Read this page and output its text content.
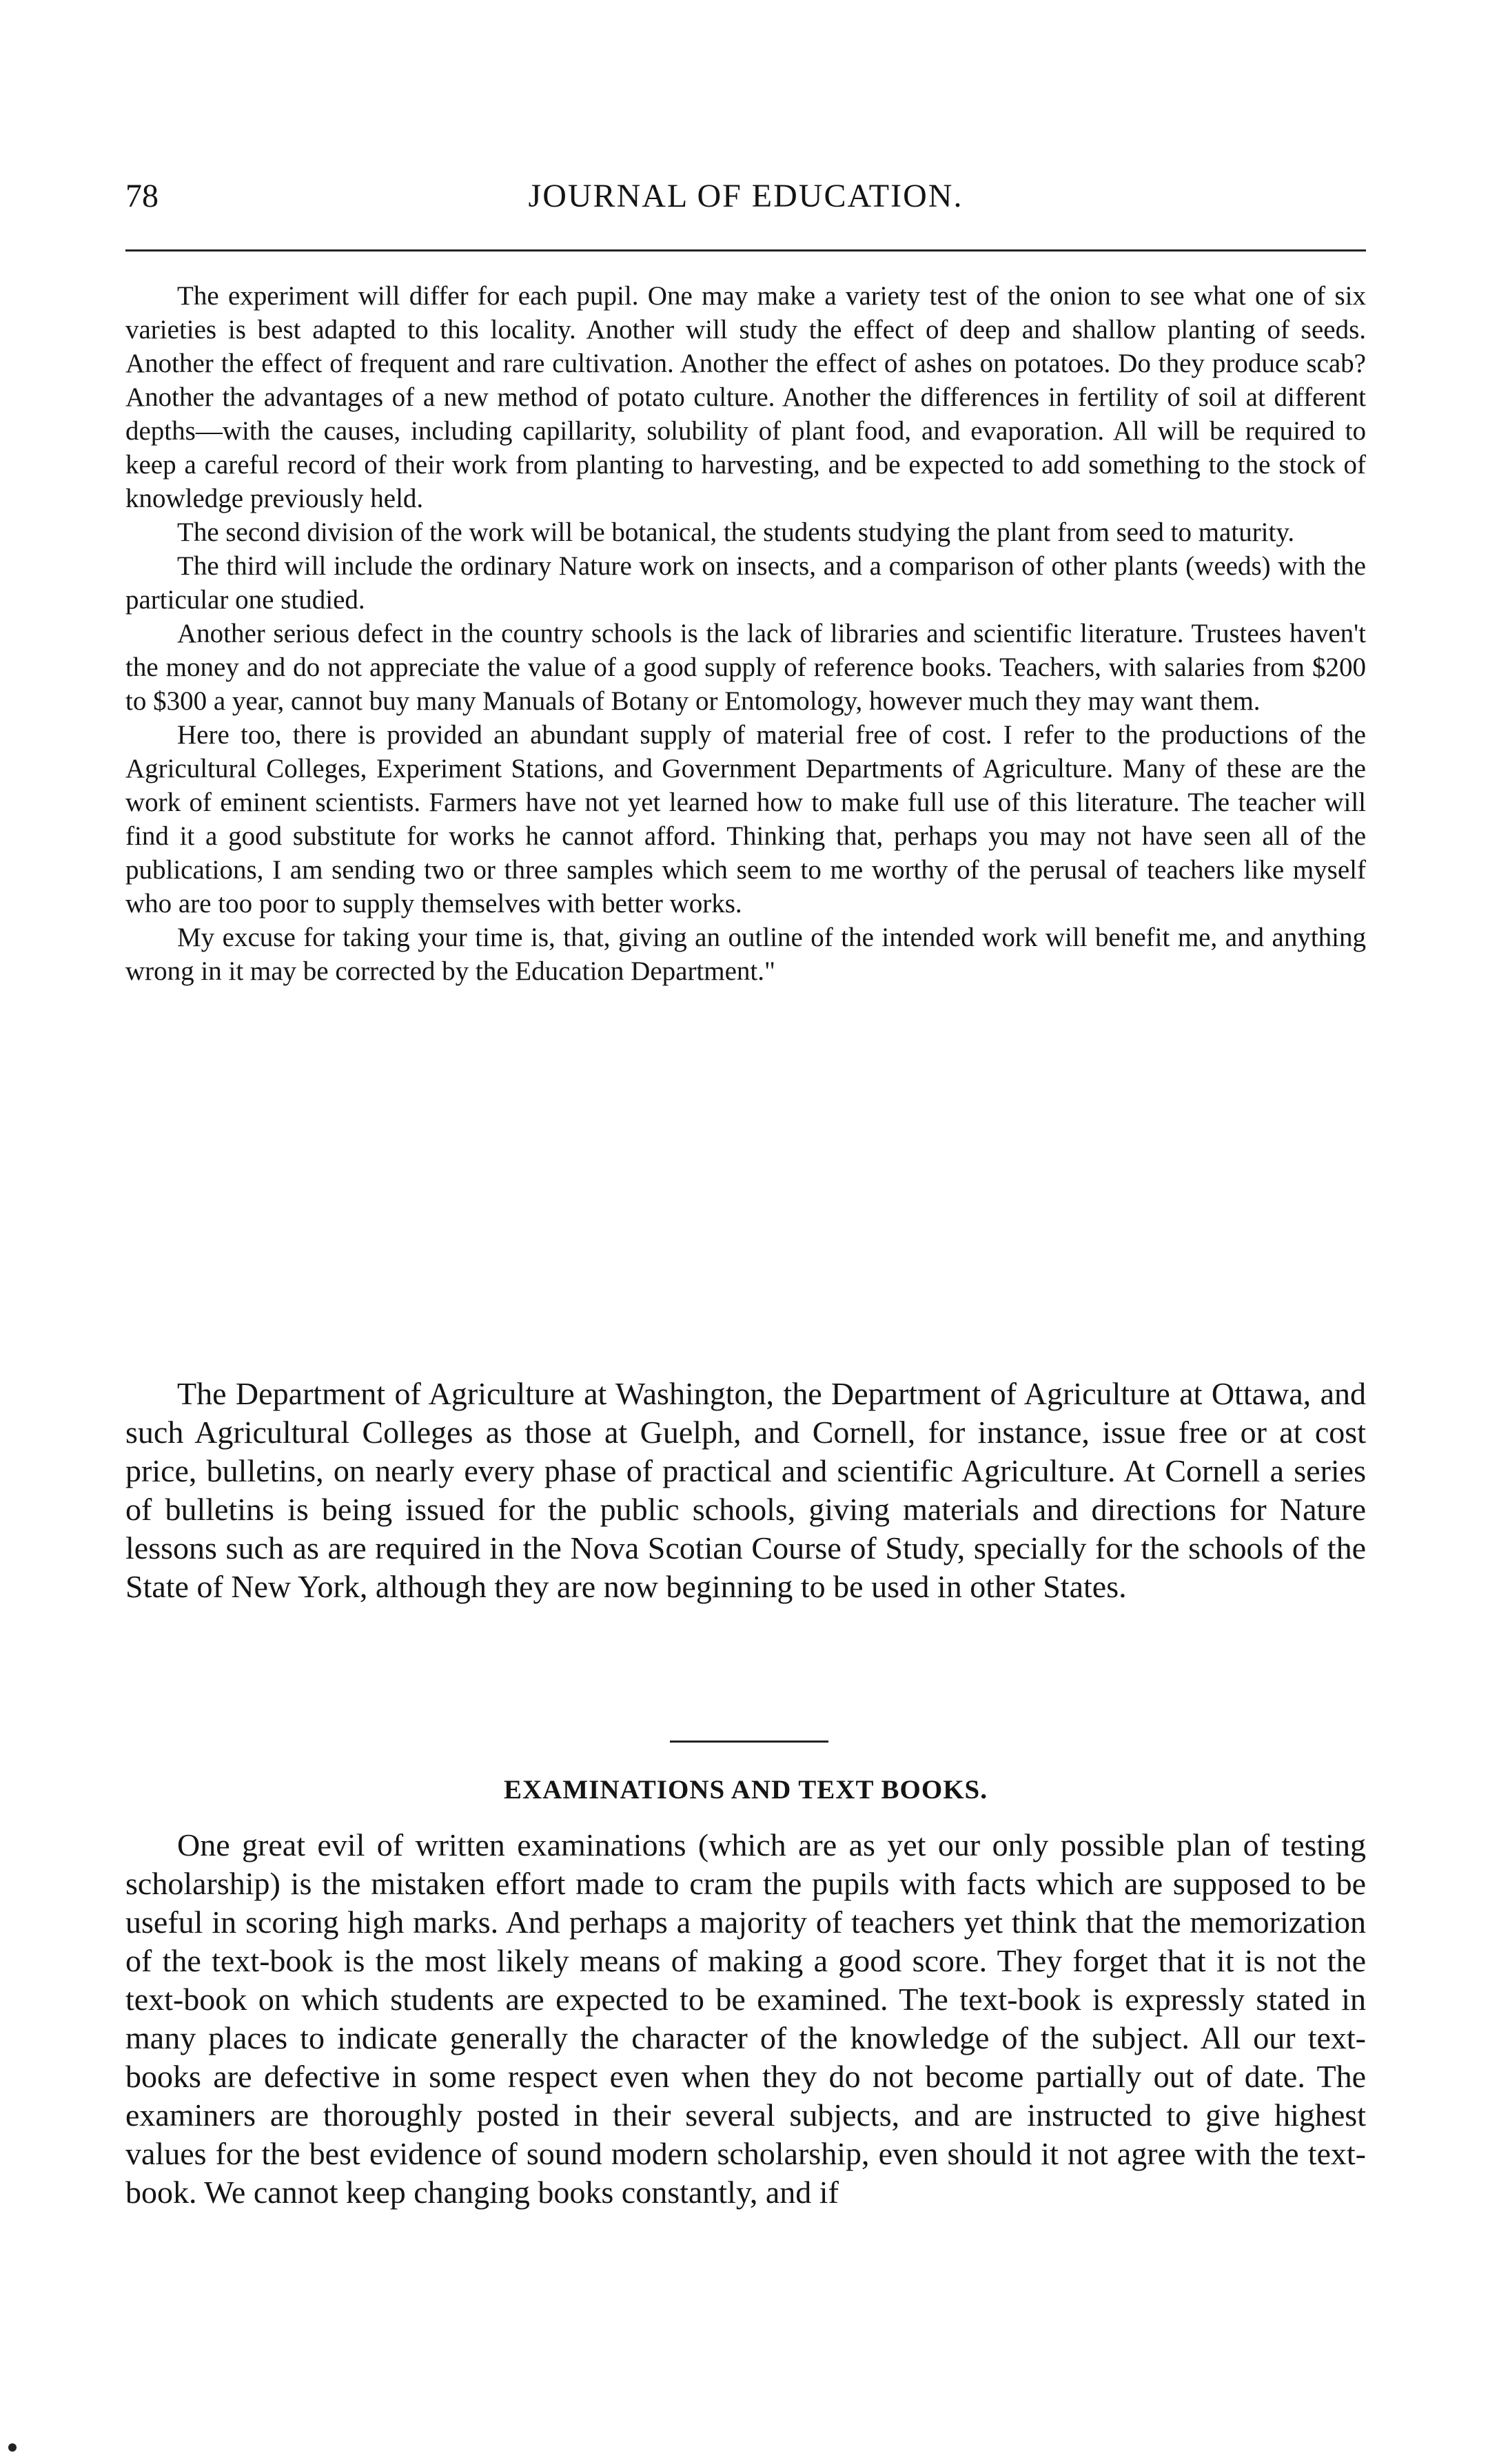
78	JOURNAL OF EDUCATION.

The experiment will differ for each pupil. One may make a variety test of the onion to see what one of six varieties is best adapted to this locality. Another will study the effect of deep and shallow planting of seeds. Another the effect of frequent and rare cultivation. Another the effect of ashes on potatoes. Do they produce scab? Another the advantages of a new method of potato culture. Another the differences in fertility of soil at different depths—with the causes, including capillarity, solubility of plant food, and evaporation. All will be required to keep a careful record of their work from planting to harvesting, and be expected to add something to the stock of knowledge previously held.

The second division of the work will be botanical, the students studying the plant from seed to maturity.

The third will include the ordinary Nature work on insects, and a comparison of other plants (weeds) with the particular one studied.

Another serious defect in the country schools is the lack of libraries and scientific literature. Trustees haven't the money and do not appreciate the value of a good supply of reference books. Teachers, with salaries from $200 to $300 a year, cannot buy many Manuals of Botany or Entomology, however much they may want them.

Here too, there is provided an abundant supply of material free of cost. I refer to the productions of the Agricultural Colleges, Experiment Stations, and Government Departments of Agriculture. Many of these are the work of eminent scientists. Farmers have not yet learned how to make full use of this literature. The teacher will find it a good substitute for works he cannot afford. Thinking that, perhaps you may not have seen all of the publications, I am sending two or three samples which seem to me worthy of the perusal of teachers like myself who are too poor to supply themselves with better works.

My excuse for taking your time is, that, giving an outline of the intended work will benefit me, and anything wrong in it may be corrected by the Education Department."

The Department of Agriculture at Washington, the Department of Agriculture at Ottawa, and such Agricultural Colleges as those at Guelph, and Cornell, for instance, issue free or at cost price, bulletins, on nearly every phase of practical and scientific Agriculture. At Cornell a series of bulletins is being issued for the public schools, giving materials and directions for Nature lessons such as are required in the Nova Scotian Course of Study, specially for the schools of the State of New York, although they are now beginning to be used in other States.

EXAMINATIONS AND TEXT BOOKS.

One great evil of written examinations (which are as yet our only possible plan of testing scholarship) is the mistaken effort made to cram the pupils with facts which are supposed to be useful in scoring high marks. And perhaps a majority of teachers yet think that the memorization of the text-book is the most likely means of making a good score. They forget that it is not the text-book on which students are expected to be examined. The text-book is expressly stated in many places to indicate generally the character of the knowledge of the subject. All our text-books are defective in some respect even when they do not become partially out of date. The examiners are thoroughly posted in their several subjects, and are instructed to give highest values for the best evidence of sound modern scholarship, even should it not agree with the text-book. We cannot keep changing books constantly, and if
